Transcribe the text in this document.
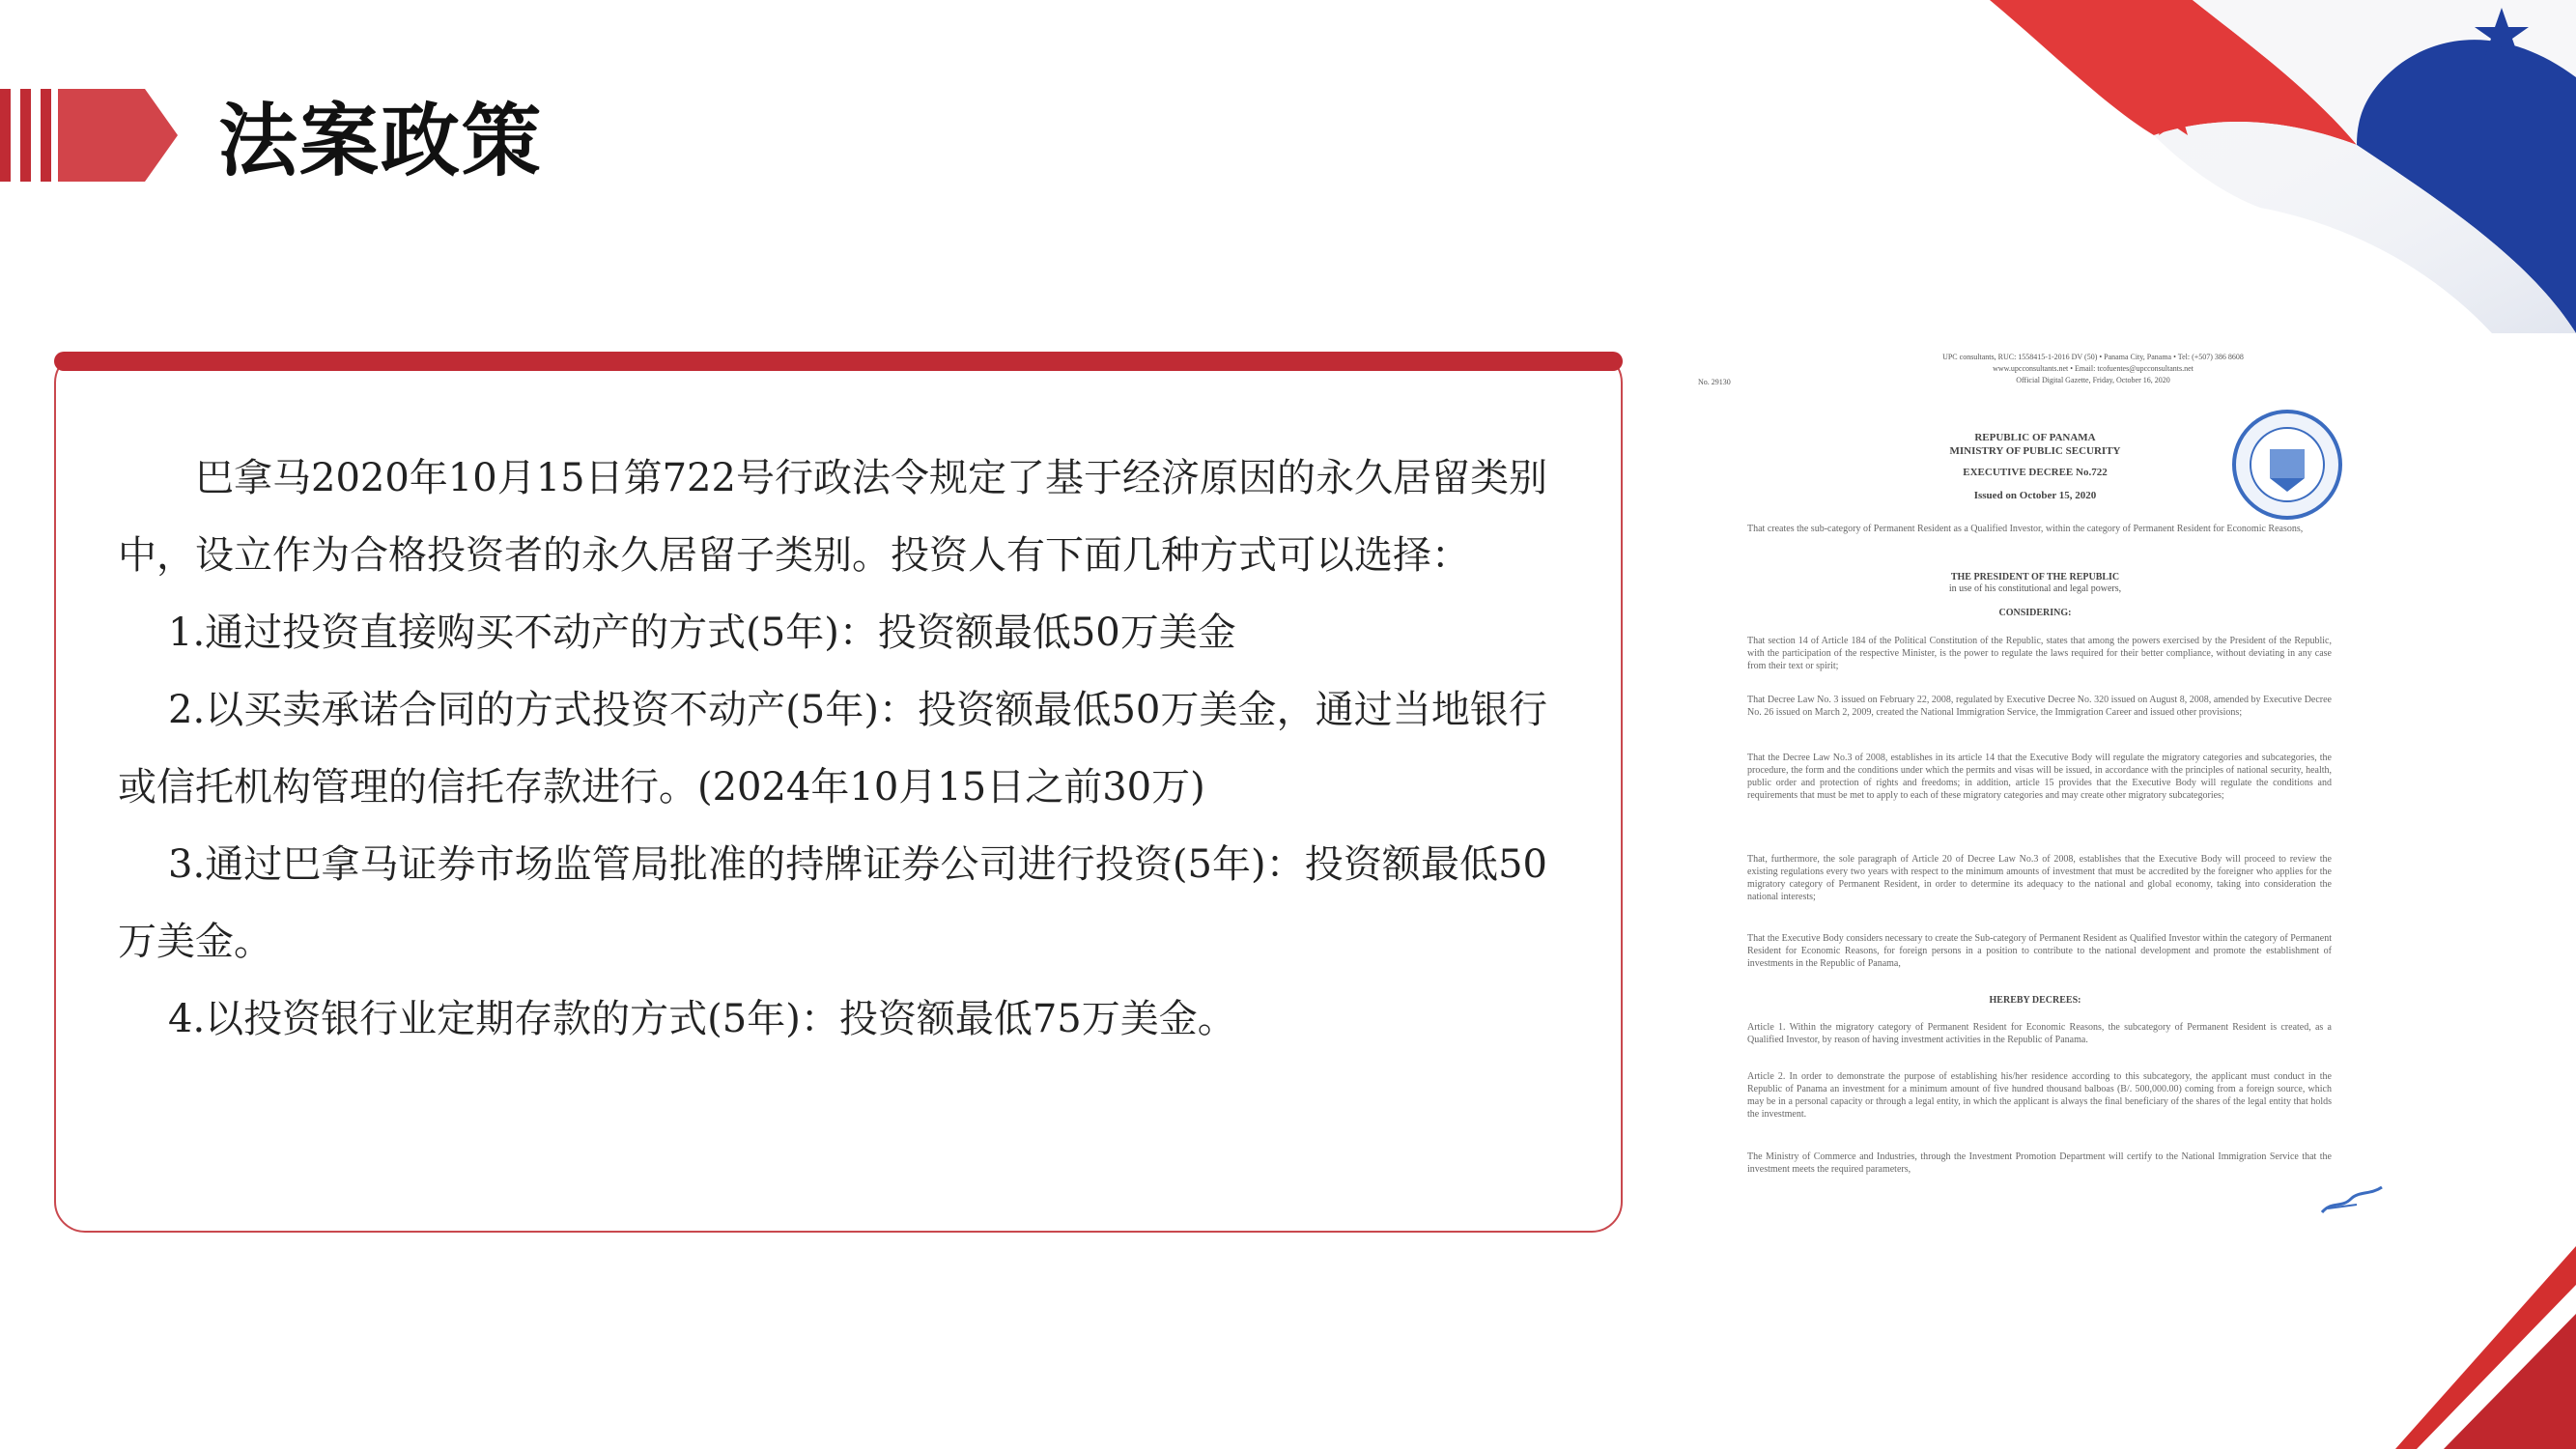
法案政策

巴拿马2020年10月15日第722号行政法令规定了基于经济原因的永久居留类别中，设立作为合格投资者的永久居留子类别。投资人有下面几种方式可以选择：

1.通过投资直接购买不动产的方式(5年)：投资额最低50万美金

2.以买卖承诺合同的方式投资不动产(5年)：投资额最低50万美金，通过当地银行或信托机构管理的信托存款进行。(2024年10月15日之前30万)

3.通过巴拿马证券市场监管局批准的持牌证券公司进行投资(5年)：投资额最低50万美金。

4.以投资银行业定期存款的方式(5年)：投资额最低75万美金。

UPC consultants, RUC: 1558415-1-2016 DV (50) • Panama City, Panama • Tel: (+507) 386 8608
www.upcconsultants.net • Email: tcofuentes@upcconsultants.net
Official Digital Gazette, Friday, October 16, 2020
No. 29130
REPUBLIC OF PANAMA
MINISTRY OF PUBLIC SECURITY
EXECUTIVE DECREE No.722
Issued on October 15, 2020
That creates the sub-category of Permanent Resident as a Qualified Investor, within the category of Permanent Resident for Economic Reasons,
THE PRESIDENT OF THE REPUBLIC
in use of his constitutional and legal powers,
CONSIDERING:
That section 14 of Article 184 of the Political Constitution of the Republic, states that among the powers exercised by the President of the Republic, with the participation of the respective Minister, is the power to regulate the laws required for their better compliance, without deviating in any case from their text or spirit;
That Decree Law No. 3 issued on February 22, 2008, regulated by Executive Decree No. 320 issued on August 8, 2008, amended by Executive Decree No. 26 issued on March 2, 2009, created the National Immigration Service, the Immigration Career and issued other provisions;
That the Decree Law No.3 of 2008, establishes in its article 14 that the Executive Body will regulate the migratory categories and subcategories, the procedure, the form and the conditions under which the permits and visas will be issued, in accordance with the principles of national security, health, public order and protection of rights and freedoms; in addition, article 15 provides that the Executive Body will regulate the conditions and requirements that must be met to apply to each of these migratory categories and may create other migratory subcategories;
That, furthermore, the sole paragraph of Article 20 of Decree Law No.3 of 2008, establishes that the Executive Body will proceed to review the existing regulations every two years with respect to the minimum amounts of investment that must be accredited by the foreigner who applies for the migratory category of Permanent Resident, in order to determine its adequacy to the national and global economy, taking into consideration the national interests;
That the Executive Body considers necessary to create the Sub-category of Permanent Resident as Qualified Investor within the category of Permanent Resident for Economic Reasons, for foreign persons in a position to contribute to the national development and promote the establishment of investments in the Republic of Panama,
HEREBY DECREES:
Article 1. Within the migratory category of Permanent Resident for Economic Reasons, the subcategory of Permanent Resident is created, as a Qualified Investor, by reason of having investment activities in the Republic of Panama.
Article 2. In order to demonstrate the purpose of establishing his/her residence according to this subcategory, the applicant must conduct in the Republic of Panama an investment for a minimum amount of five hundred thousand balboas (B/. 500,000.00) coming from a foreign source, which may be in a personal capacity or through a legal entity, in which the applicant is always the final beneficiary of the shares of the legal entity that holds the investment.
The Ministry of Commerce and Industries, through the Investment Promotion Department will certify to the National Immigration Service that the investment meets the required parameters,
